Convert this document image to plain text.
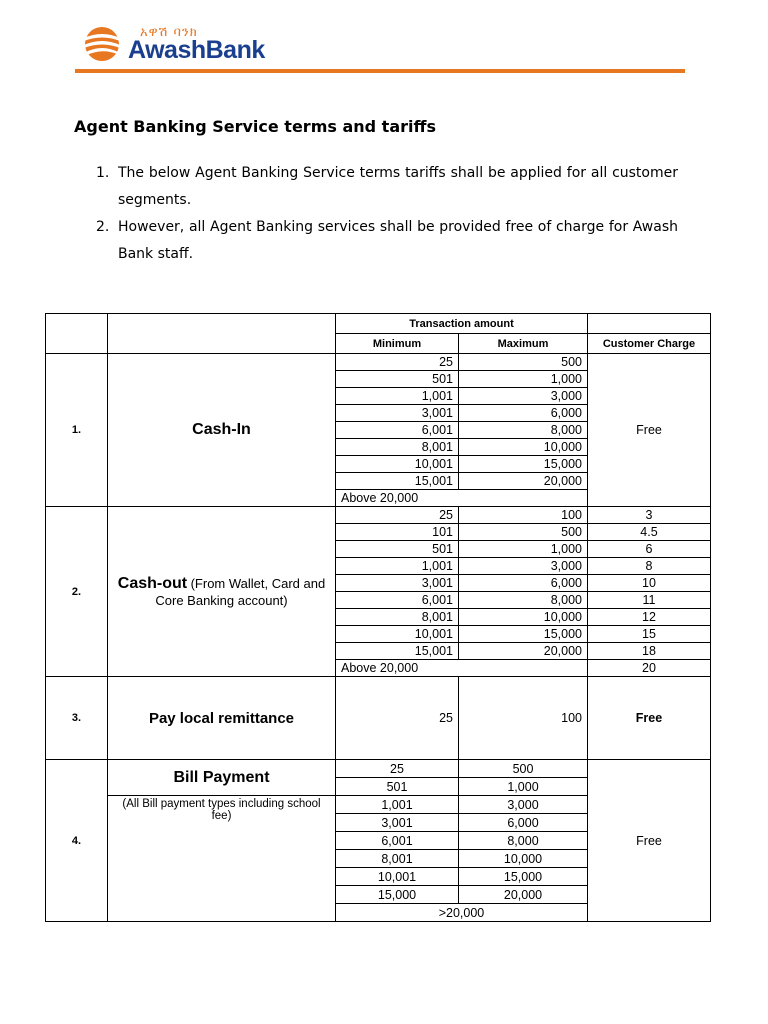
አዋሽ ባንክ
AwashBank
Agent Banking Service terms and tariffs
1. The below Agent Banking Service terms tariffs shall be applied for all customer segments.
2. However, all Agent Banking services shall be provided free of charge for Awash Bank staff.
		Transaction amount		
		Minimum	Maximum	Customer Charge
1.	Cash-In	25	500	Free
		501	1,000	
		1,001	3,000	
		3,001	6,000	
		6,001	8,000	
		8,001	10,000	
		10,001	15,000	
		15,001	20,000	
		Above 20,000		
2.	Cash-out (From Wallet, Card and Core Banking account)	25	100	3
		101	500	4.5
		501	1,000	6
		1,001	3,000	8
		3,001	6,000	10
		6,001	8,000	11
		8,001	10,000	12
		10,001	15,000	15
		15,001	20,000	18
		Above 20,000		20
3.	Pay local remittance	25	100	Free
4.	Bill Payment	25	500	Free
		501	1,000	
	(All Bill payment types including school fee)	1,001	3,000	
		3,001	6,000	
		6,001	8,000	
		8,001	10,000	
		10,001	15,000	
		15,000	20,000	
		>20,000		
